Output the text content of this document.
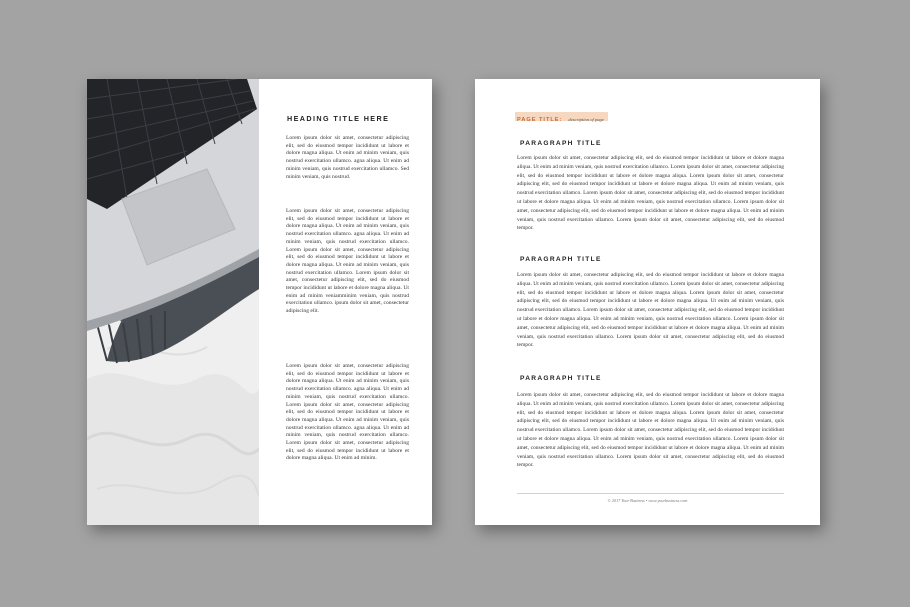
HEADING TITLE HERE

Lorem ipsum dolor sit amet, consectetur adipiscing elit, sed do eiusmod tempor incididunt ut labore et dolore magna aliqua. Ut enim ad minim veniam, quis nostrud exercitation ullamco. agna aliqua. Ut enim ad minim veniam, quis nostrud exercitation ullamco. Sed minim veniam, quis nostrud.

Lorem ipsum dolor sit amet, consectetur adipiscing elit, sed do eiusmod tempor incididunt ut labore et dolore magna aliqua. Ut enim ad minim veniam, quis nostrud exercitation ullamco. agna aliqua. Ut enim ad minim veniam, quis nostrud exercitation ullamco. Lorem ipsum dolor sit amet, consectetur adipiscing elit, sed do eiusmod tempor incididunt ut labore et dolore magna aliqua. Ut enim ad minim veniam, quis nostrud exercitation ullamco. Lorem ipsum dolor sit amet, consectetur adipiscing elit, sed do eiusmod tempor incididunt ut labore et dolore magna aliqua. Ut enim ad minim veniamminim veniam, quis nostrud exercitation ullamco. ipsum dolor sit amet, consectetur adipiscing elit.

Lorem ipsum dolor sit amet, consectetur adipiscing elit, sed do eiusmod tempor incididunt ut labore et dolore magna aliqua. Ut enim ad minim veniam, quis nostrud exercitation ullamco. agna aliqua. Ut enim ad minim veniam, quis nostrud exercitation ullamco. Lorem ipsum dolor sit amet, consectetur adipiscing elit, sed do eiusmod tempor incididunt ut labore et dolore magna aliqua. Ut enim ad minim veniam, quis nostrud exercitation ullamco. agna aliqua. Ut enim ad minim veniam, quis nostrud exercitation ullamco. Lorem ipsum dolor sit amet, consectetur adipiscing elit, sed do eiusmod tempor incididunt ut labore et dolore magna aliqua. Ut enim ad minim.

PAGE TITLE: description of page
PARAGRAPH TITLE

Lorem ipsum dolor sit amet, consectetur adipiscing elit, sed do eiusmod tempor incididunt ut labore et dolore magna aliqua. Ut enim ad minim veniam, quis nostrud exercitation ullamco. Lorem ipsum dolor sit amet, consectetur adipiscing elit, sed do eiusmod tempor incididunt ut labore et dolore magna aliqua. Lorem ipsum dolor sit amet, consectetur adipiscing elit, sed do eiusmod tempor incididunt ut labore et dolore magna aliqua. Ut enim ad minim veniam, quis nostrud exercitation ullamco. Lorem ipsum dolor sit amet, consectetur adipiscing elit, sed do eiusmod tempor incididunt ut labore et dolore magna aliqua. Ut enim ad minim veniam, quis nostrud exercitation ullamco. Lorem ipsum dolor sit amet, consectetur adipiscing elit, sed do eiusmod tempor incididunt ut labore et dolore magna aliqua. Ut enim ad minim veniam, quis nostrud exercitation ullamco. Lorem ipsum dolor sit amet, consectetur adipiscing elit, sed do eiusmod tempor.

PARAGRAPH TITLE

Lorem ipsum dolor sit amet, consectetur adipiscing elit, sed do eiusmod tempor incididunt ut labore et dolore magna aliqua. Ut enim ad minim veniam, quis nostrud exercitation ullamco. Lorem ipsum dolor sit amet, consectetur adipiscing elit, sed do eiusmod tempor incididunt ut labore et dolore magna aliqua. Lorem ipsum dolor sit amet, consectetur adipiscing elit, sed do eiusmod tempor incididunt ut labore et dolore magna aliqua. Ut enim ad minim veniam, quis nostrud exercitation ullamco. Lorem ipsum dolor sit amet, consectetur adipiscing elit, sed do eiusmod tempor incididunt ut labore et dolore magna aliqua. Ut enim ad minim veniam, quis nostrud exercitation ullamco. Lorem ipsum dolor sit amet, consectetur adipiscing elit, sed do eiusmod tempor incididunt ut labore et dolore magna aliqua. Ut enim ad minim veniam, quis nostrud exercitation ullamco. Lorem ipsum dolor sit amet, consectetur adipiscing elit, sed do eiusmod tempor.

PARAGRAPH TITLE

Lorem ipsum dolor sit amet, consectetur adipiscing elit, sed do eiusmod tempor incididunt ut labore et dolore magna aliqua. Ut enim ad minim veniam, quis nostrud exercitation ullamco. Lorem ipsum dolor sit amet, consectetur adipiscing elit, sed do eiusmod tempor incididunt ut labore et dolore magna aliqua. Lorem ipsum dolor sit amet, consectetur adipiscing elit, sed do eiusmod tempor incididunt ut labore et dolore magna aliqua. Ut enim ad minim veniam, quis nostrud exercitation ullamco. Lorem ipsum dolor sit amet, consectetur adipiscing elit, sed do eiusmod tempor incididunt ut labore et dolore magna aliqua. Ut enim ad minim veniam, quis nostrud exercitation ullamco. Lorem ipsum dolor sit amet, consectetur adipiscing elit, sed do eiusmod tempor incididunt ut labore et dolore magna aliqua. Ut enim ad minim veniam, quis nostrud exercitation ullamco. Lorem ipsum dolor sit amet, consectetur adipiscing elit, sed do eiusmod tempor.

© 2017 Your Business • www.yourbusiness.com
